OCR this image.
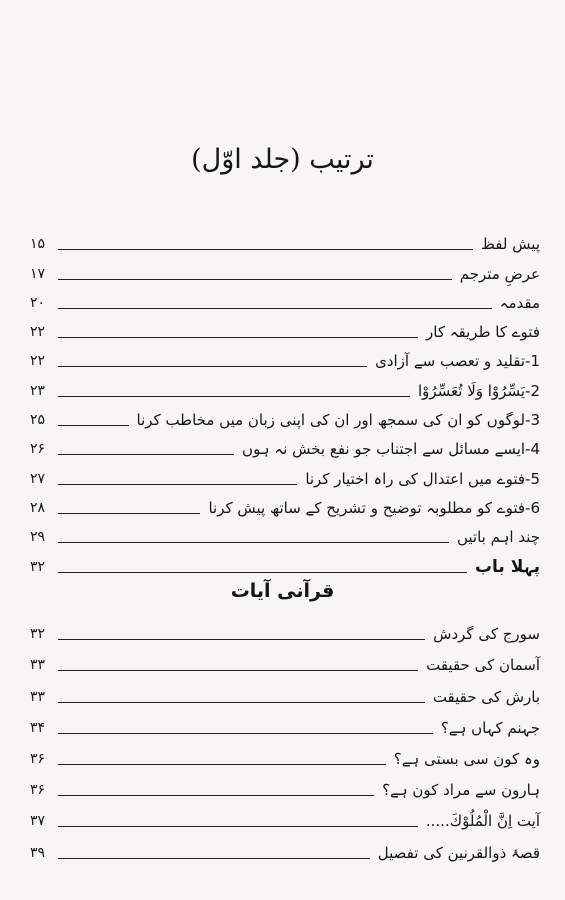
ترتیب (جلد اوّل)
پیش لفظ
۱۵
عرضِ مترجم
۱۷
مقدمہ
۲۰
فتوے کا طریقہ کار
۲۲
1-تقلید و تعصب سے آزادی
۲۲
2-یَسِّرُوْا وَلَا تُعَسِّرُوْا
۲۳
3-لوگوں کو ان کی سمجھ اور ان کی اپنی زبان میں مخاطب کرنا
۲۵
4-ایسے مسائل سے اجتناب جو نفع بخش نہ ہوں
۲۶
5-فتوے میں اعتدال کی راہ اختیار کرنا
۲۷
6-فتوے کو مطلوبہ توضیح و تشریح کے ساتھ پیش کرنا
۲۸
چند اہم باتیں
۲۹
پہلا باب
۳۲
قرآنی آیات
سورج کی گردش
۳۲
آسمان کی حقیقت
۳۳
بارش کی حقیقت
۳۳
جہنم کہاں ہے؟
۳۴
وہ کون سی بستی ہے؟
۳۶
ہارون سے مراد کون ہے؟
۳۶
آیت اِنَّ الْمُلُوْكَ.....
۳۷
قصۂ ذوالقرنین کی تفصیل
۳۹
